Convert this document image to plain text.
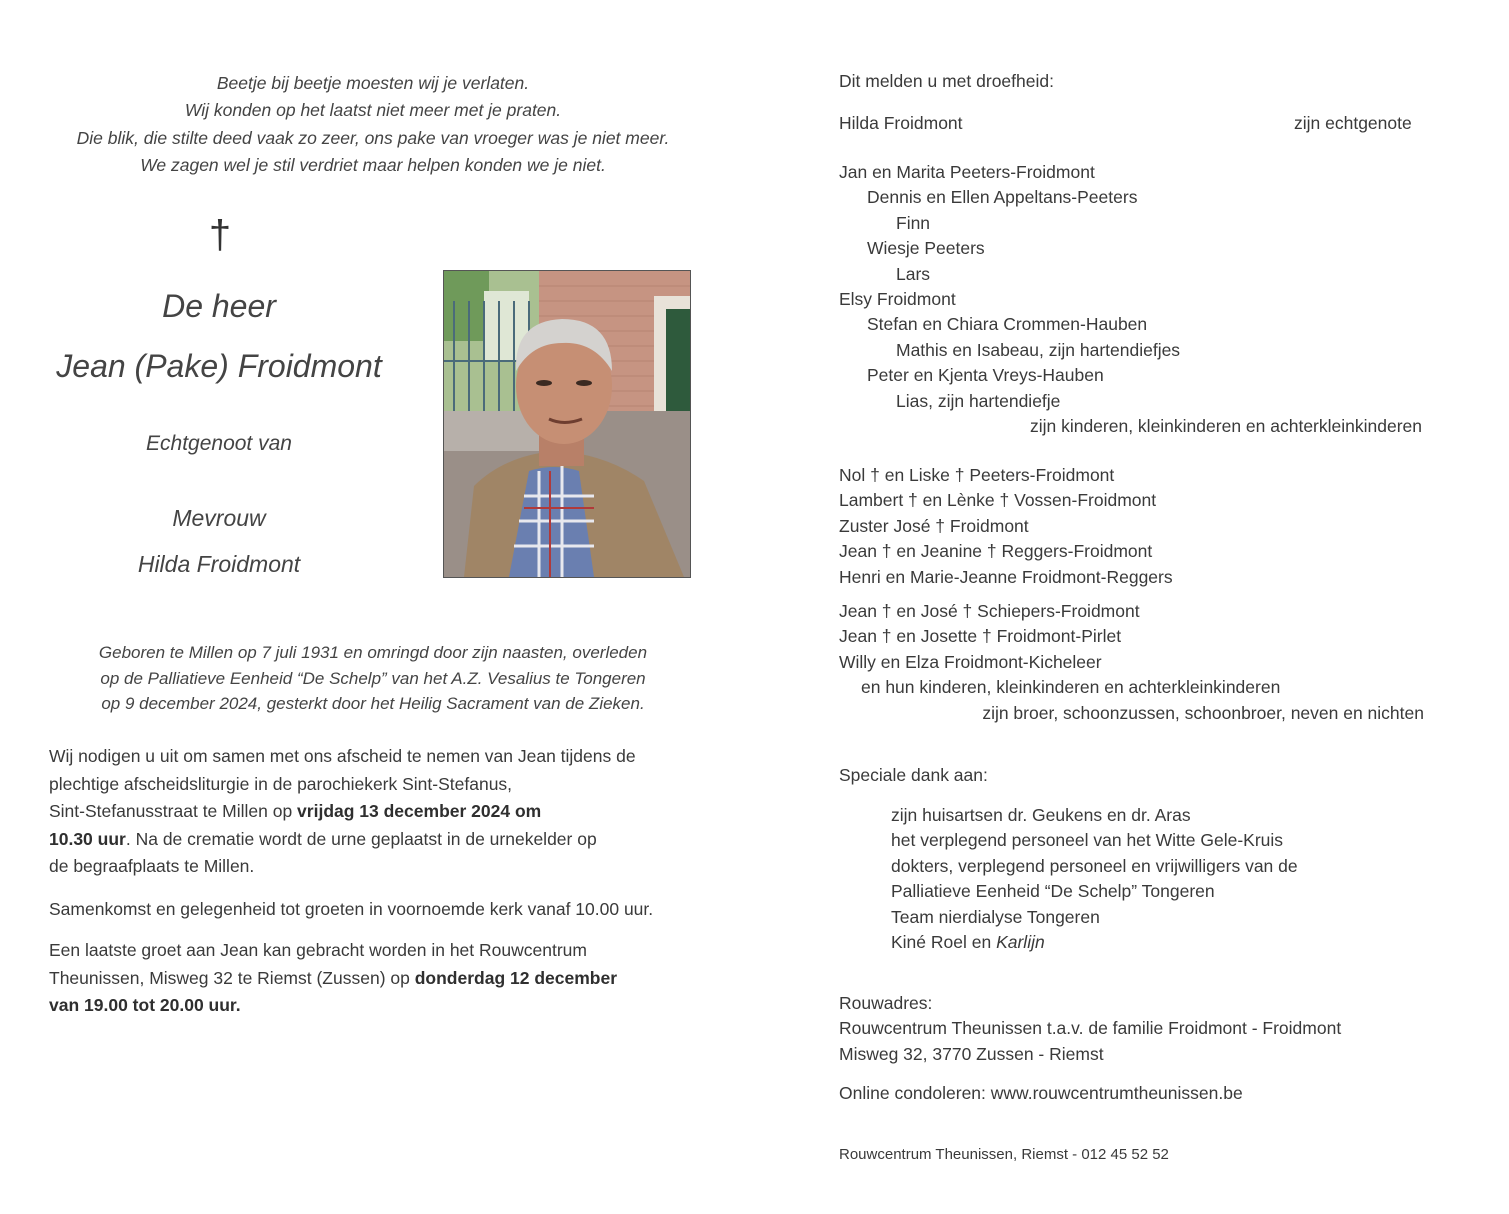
Beetje bij beetje moesten wij je verlaten.
Wij konden op het laatst niet meer met je praten.
Die blik, die stilte deed vaak zo zeer, ons pake van vroeger was je niet meer.
We zagen wel je stil verdriet maar helpen konden we je niet.
†
De heer
Jean (Pake) Froidmont
Echtgenoot van
Mevrouw
Hilda Froidmont
Geboren te Millen op 7 juli 1931 en omringd door zijn naasten, overleden
op de Palliatieve Eenheid “De Schelp” van het A.Z. Vesalius te Tongeren
op 9 december 2024, gesterkt door het Heilig Sacrament van de Zieken.
Wij nodigen u uit om samen met ons afscheid te nemen van Jean tijdens de
plechtige afscheidsliturgie in de parochiekerk Sint-Stefanus,
Sint-Stefanusstraat te Millen op vrijdag 13 december 2024 om
10.30 uur. Na de crematie wordt de urne geplaatst in de urnekelder op
de begraafplaats te Millen.
Samenkomst en gelegenheid tot groeten in voornoemde kerk vanaf 10.00 uur.
Een laatste groet aan Jean kan gebracht worden in het Rouwcentrum
Theunissen, Misweg 32 te Riemst (Zussen) op donderdag 12 december
van 19.00 tot 20.00 uur.
Dit melden u met droefheid:
Hilda Froidmont	zijn echtgenote
Jan en Marita Peeters-Froidmont
Dennis en Ellen Appeltans-Peeters
Finn
Wiesje Peeters
Lars
Elsy Froidmont
Stefan en Chiara Crommen-Hauben
Mathis en Isabeau, zijn hartendiefjes
Peter en Kjenta Vreys-Hauben
Lias, zijn hartendiefje
zijn kinderen, kleinkinderen en achterkleinkinderen
Nol † en Liske † Peeters-Froidmont
Lambert † en Lènke † Vossen-Froidmont
Zuster José † Froidmont
Jean † en Jeanine † Reggers-Froidmont
Henri en Marie-Jeanne Froidmont-Reggers
Jean † en José † Schiepers-Froidmont
Jean † en Josette † Froidmont-Pirlet
Willy en Elza Froidmont-Kicheleer
en hun kinderen, kleinkinderen en achterkleinkinderen
zijn broer, schoonzussen, schoonbroer, neven en nichten
Speciale dank aan:
zijn huisartsen dr. Geukens en dr. Aras
het verplegend personeel van het Witte Gele-Kruis
dokters, verplegend personeel en vrijwilligers van de
Palliatieve Eenheid “De Schelp” Tongeren
Team nierdialyse Tongeren
Kiné Roel en Karlijn
Rouwadres:
Rouwcentrum Theunissen t.a.v. de familie Froidmont - Froidmont
Misweg 32, 3770 Zussen - Riemst
Online condoleren: www.rouwcentrumtheunissen.be
Rouwcentrum Theunissen, Riemst - 012 45 52 52
